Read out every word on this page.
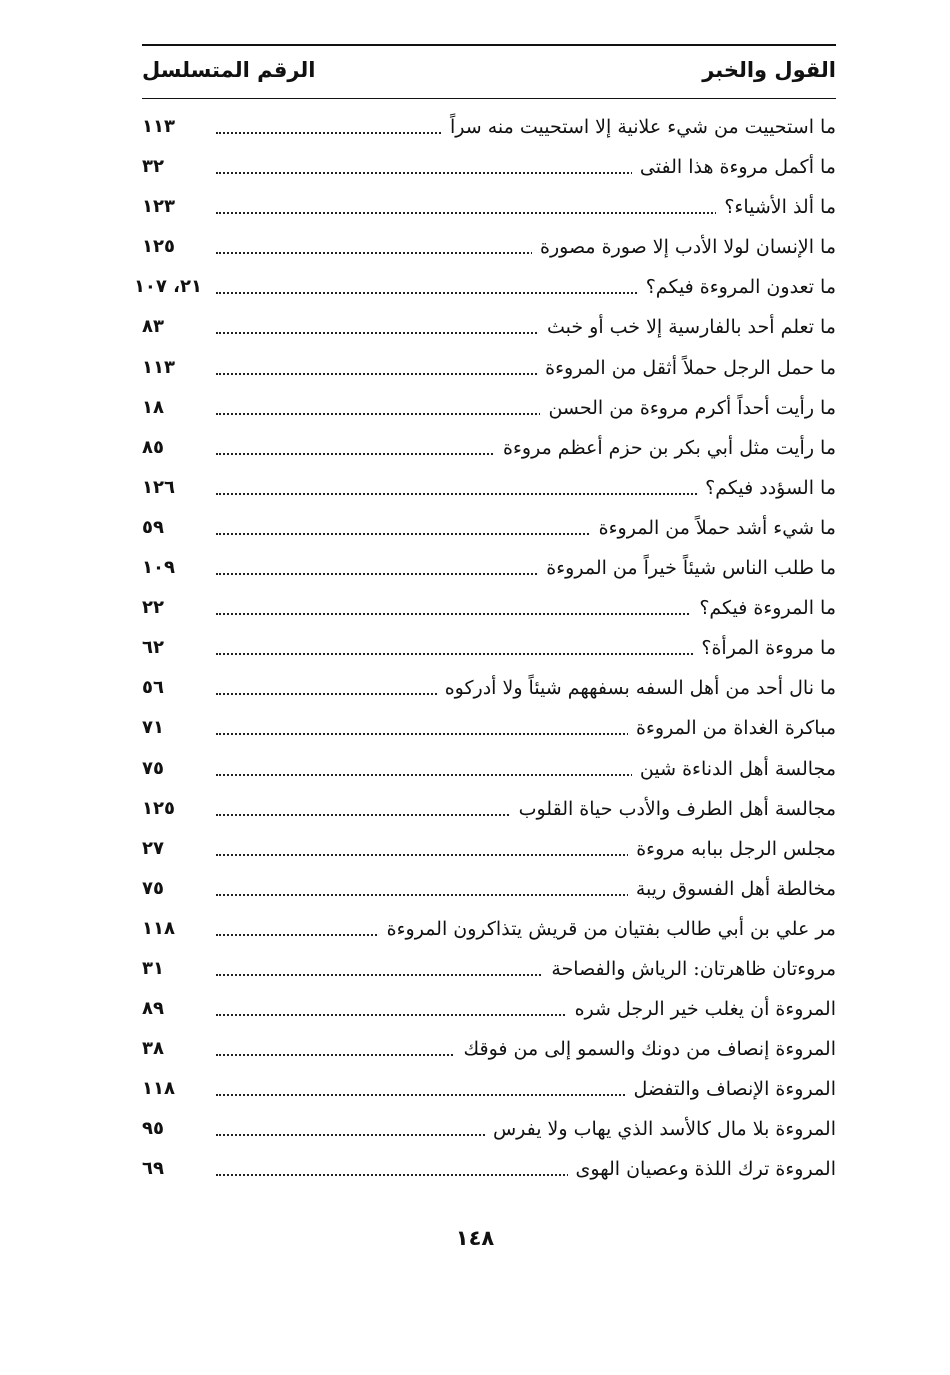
القول والخبر
الرقم المتسلسل
ما استحييت من شيء علانية إلا استحييت منه سراً
١١٣
ما أكمل مروءة هذا الفتى
٣٢
ما ألذ الأشياء؟
١٢٣
ما الإنسان لولا الأدب إلا صورة مصورة
١٢٥
ما تعدون المروءة فيكم؟
٢١، ١٠٧
ما تعلم أحد بالفارسية إلا خب أو خبث
٨٣
ما حمل الرجل حملاً أثقل من المروءة
١١٣
ما رأيت أحداً أكرم مروءة من الحسن
١٨
ما رأيت مثل أبي بكر بن حزم أعظم مروءة
٨٥
ما السؤدد فيكم؟
١٢٦
ما شيء أشد حملاً من المروءة
٥٩
ما طلب الناس شيئاً خيراً من المروءة
١٠٩
ما المروءة فيكم؟
٢٢
ما مروءة المرأة؟
٦٢
ما نال أحد من أهل السفه بسفههم شيئاً ولا أدركوه
٥٦
مباكرة الغداة من المروءة
٧١
مجالسة أهل الدناءة شين
٧٥
مجالسة أهل الطرف والأدب حياة القلوب
١٢٥
مجلس الرجل ببابه مروءة
٢٧
مخالطة أهل الفسوق ريبة
٧٥
مر علي بن أبي طالب بفتيان من قريش يتذاكرون المروءة
١١٨
مروءتان ظاهرتان: الرياش والفصاحة
٣١
المروءة أن يغلب خير الرجل شره
٨٩
المروءة إنصاف من دونك والسمو إلى من فوقك
٣٨
المروءة الإنصاف والتفضل
١١٨
المروءة بلا مال كالأسد الذي يهاب ولا يفرس
٩٥
المروءة ترك اللذة وعصيان الهوى
٦٩
١٤٨
